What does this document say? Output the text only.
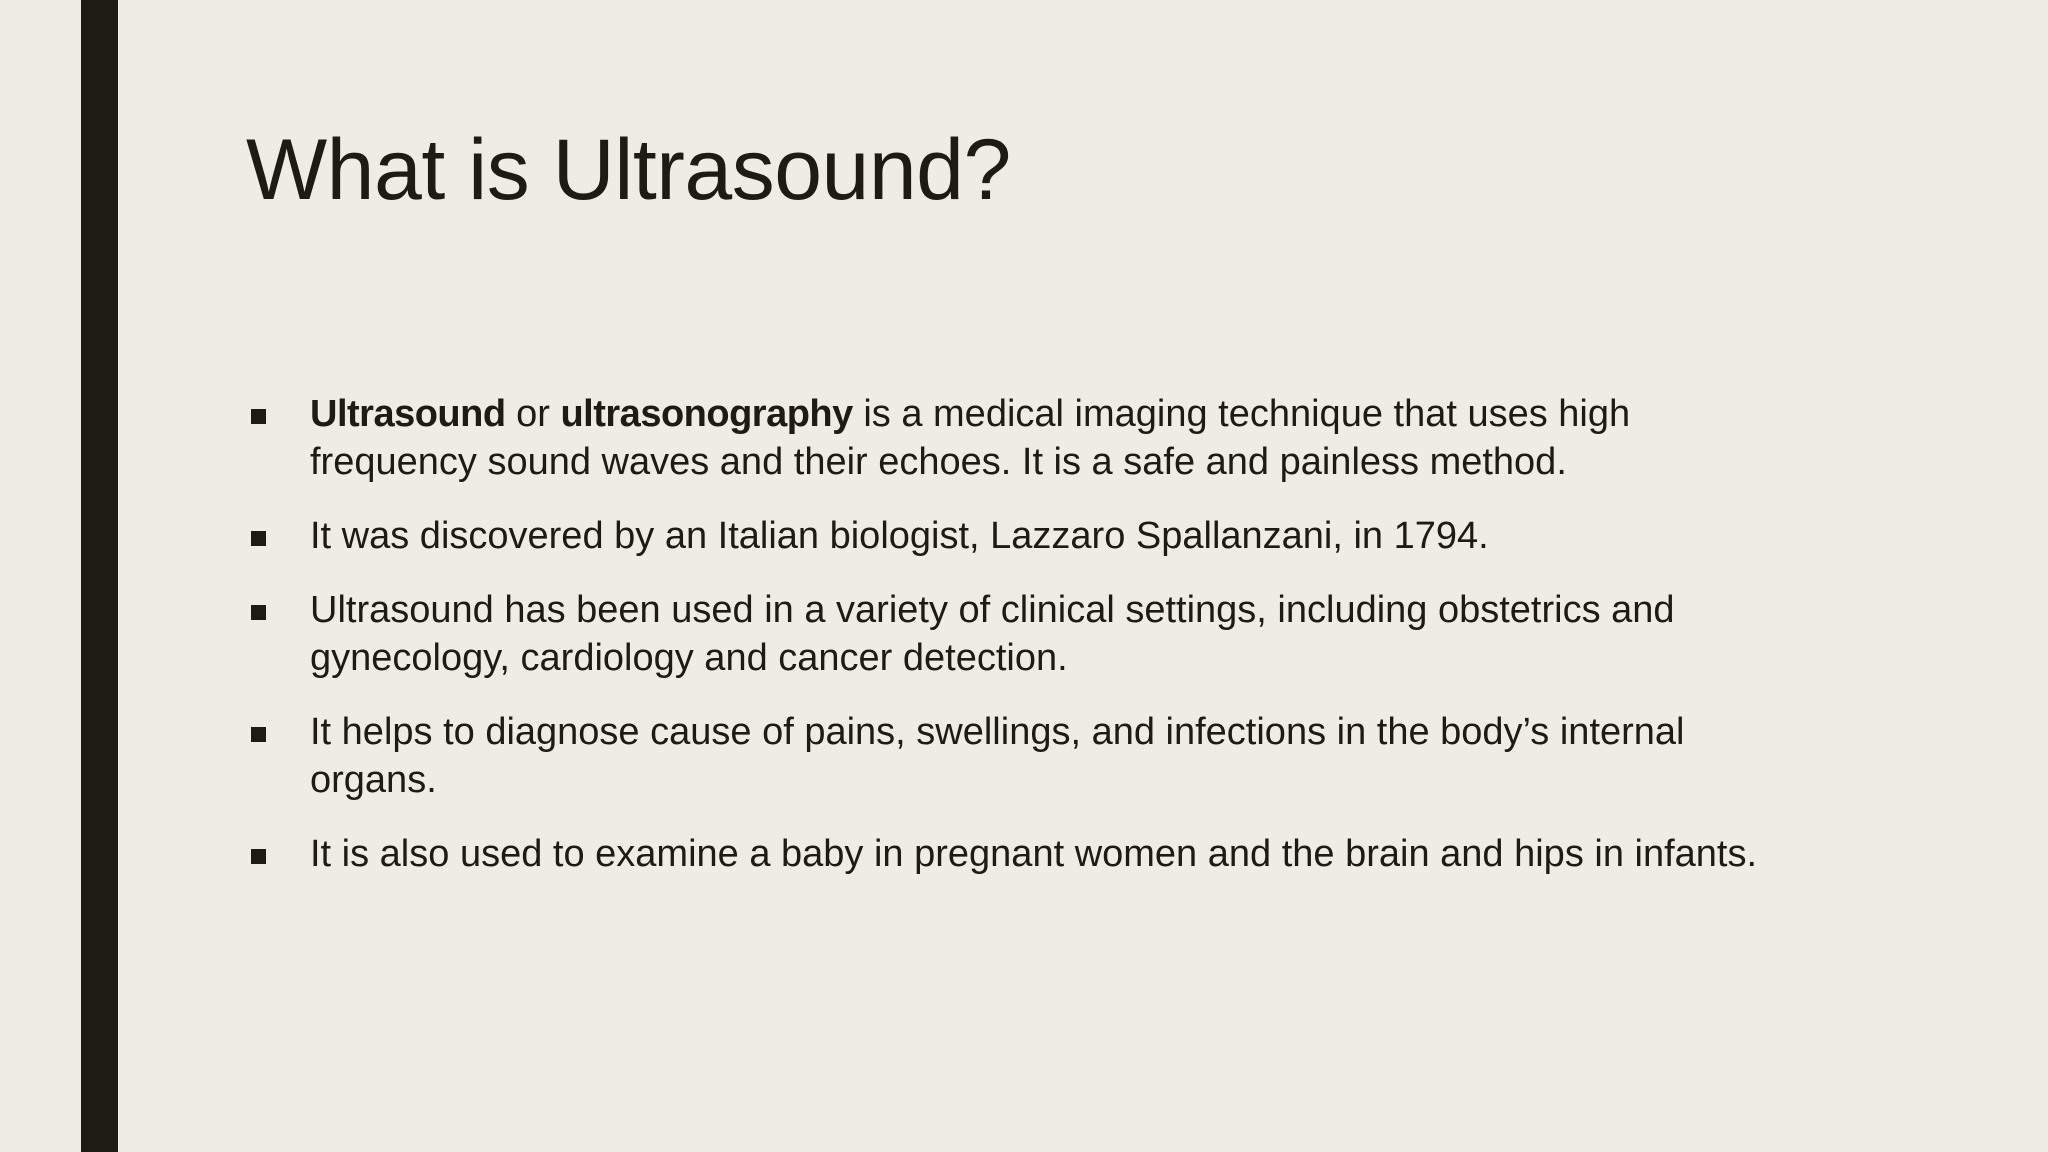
What is Ultrasound?
Ultrasound or ultrasonography is a medical imaging technique that uses high frequency sound waves and their echoes. It is a safe and painless method.
It was discovered by an Italian biologist, Lazzaro Spallanzani, in 1794.
Ultrasound has been used in a variety of clinical settings, including obstetrics and gynecology, cardiology and cancer detection.
It helps to diagnose cause of pains, swellings, and infections in the body’s internal organs.
It is also used to examine a baby in pregnant women and the brain and hips in infants.
